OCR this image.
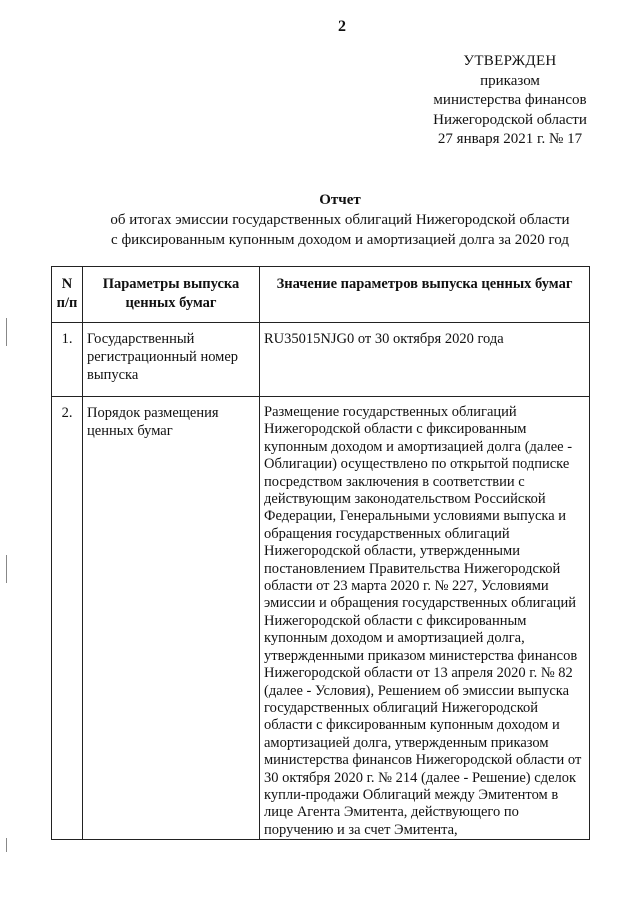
2
УТВЕРЖДЕН
приказом
министерства финансов
Нижегородской области
27 января 2021 г. № 17
Отчет
об итогах эмиссии государственных облигаций Нижегородской области
с фиксированным купонным доходом и амортизацией долга за 2020 год
N п/п	Параметры выпуска ценных бумаг	Значение параметров выпуска ценных бумаг
1.	Государственный регистрационный номер выпуска	RU35015NJG0 от 30 октября 2020 года
2.	Порядок размещения ценных бумаг	Размещение государственных облигаций Нижегородской области с фиксированным купонным доходом и амортизацией долга (далее - Облигации) осуществлено по открытой подписке посредством заключения в соответствии с действующим законодательством Российской Федерации, Генеральными условиями выпуска и обращения государственных облигаций Нижегородской области, утвержденными постановлением Правительства Нижегородской области от 23 марта 2020 г. № 227, Условиями эмиссии и обращения государственных облигаций Нижегородской области с фиксированным купонным доходом и амортизацией долга, утвержденными приказом министерства финансов Нижегородской области от 13 апреля 2020 г. № 82 (далее - Условия), Решением об эмиссии выпуска государственных облигаций Нижегородской области с фиксированным купонным доходом и амортизацией долга, утвержденным приказом министерства финансов Нижегородской области от 30 октября 2020 г. № 214 (далее - Решение) сделок купли-продажи Облигаций между Эмитентом в лице Агента Эмитента, действующего по поручению и за счет Эмитента,
